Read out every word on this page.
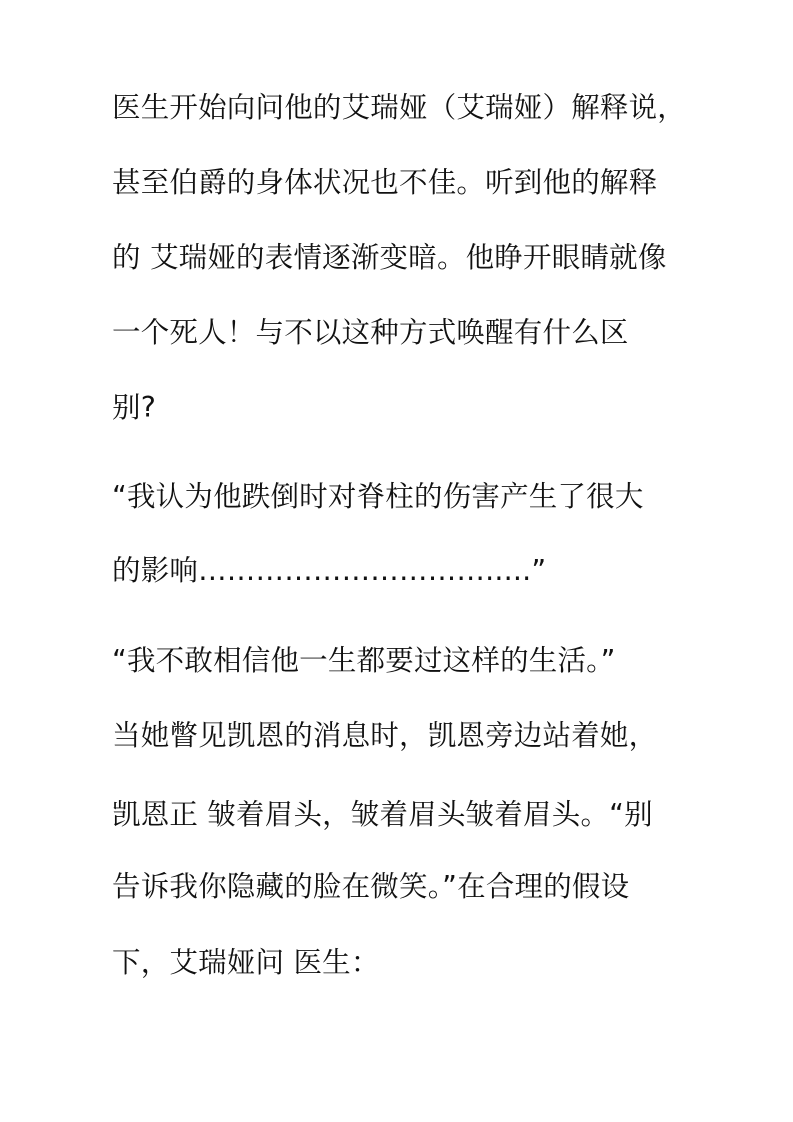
医生开始向问他的艾瑞娅（艾瑞娅）解释说，
甚至伯爵的身体状况也不佳。听到他的解释
的 艾瑞娅的表情逐渐变暗。他睁开眼睛就像
一个死人！与不以这种方式唤醒有什么区
别?
“我认为他跌倒时对脊柱的伤害产生了很大
的影响………………………….....”
“我不敢相信他一生都要过这样的生活。”
当她瞥见凯恩的消息时，凯恩旁边站着她，
凯恩正 皱着眉头，皱着眉头皱着眉头。“别
告诉我你隐藏的脸在微笑。”在合理的假设
下，艾瑞娅问 医生：
